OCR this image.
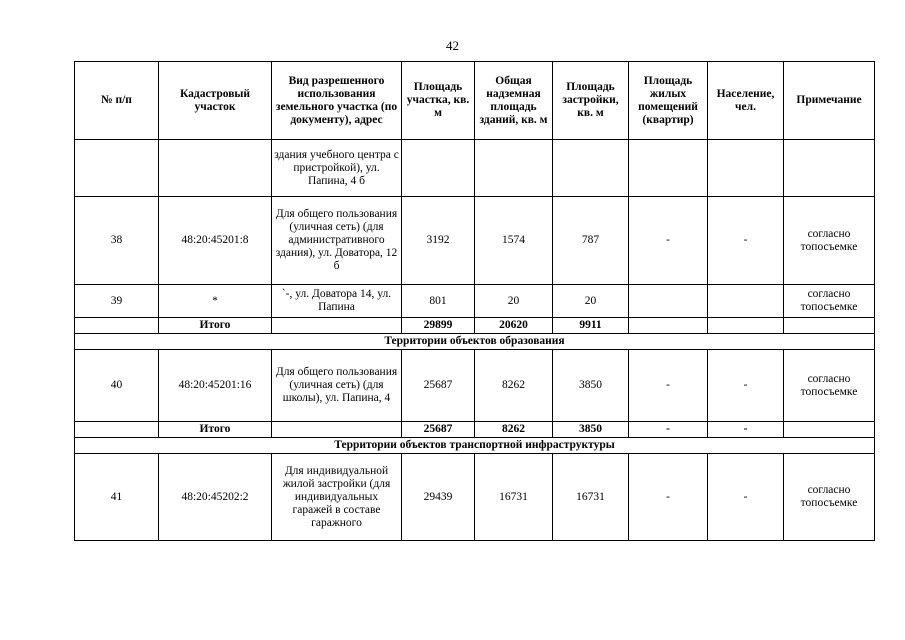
42
№ п/п	Кадастровый участок	Вид разрешенного использования земельного участка (по документу), адрес	Площадь участка, кв. м	Общая надземная площадь зданий, кв. м	Площадь застройки, кв. м	Площадь жилых помещений (квартир)	Население, чел.	Примечание
		здания учебного центра с пристройкой), ул. Папина, 4 б						
38	48:20:45201:8	Для общего пользования (уличная сеть) (для административного здания), ул. Доватора, 12 б	3192	1574	787	-	-	согласно топосъемке
39	*	`-, ул. Доватора 14, ул. Папина	801	20	20			согласно топосъемке
	Итого		29899	20620	9911			
Территории объектов образования								
40	48:20:45201:16	Для общего пользования (уличная сеть) (для школы), ул. Папина, 4	25687	8262	3850	-	-	согласно топосъемке
	Итого		25687	8262	3850	-	-	
Территории объектов транспортной инфраструктуры								
41	48:20:45202:2	Для индивидуальной жилой застройки (для индивидуальных гаражей в составе гаражного	29439	16731	16731	-	-	согласно топосъемке
